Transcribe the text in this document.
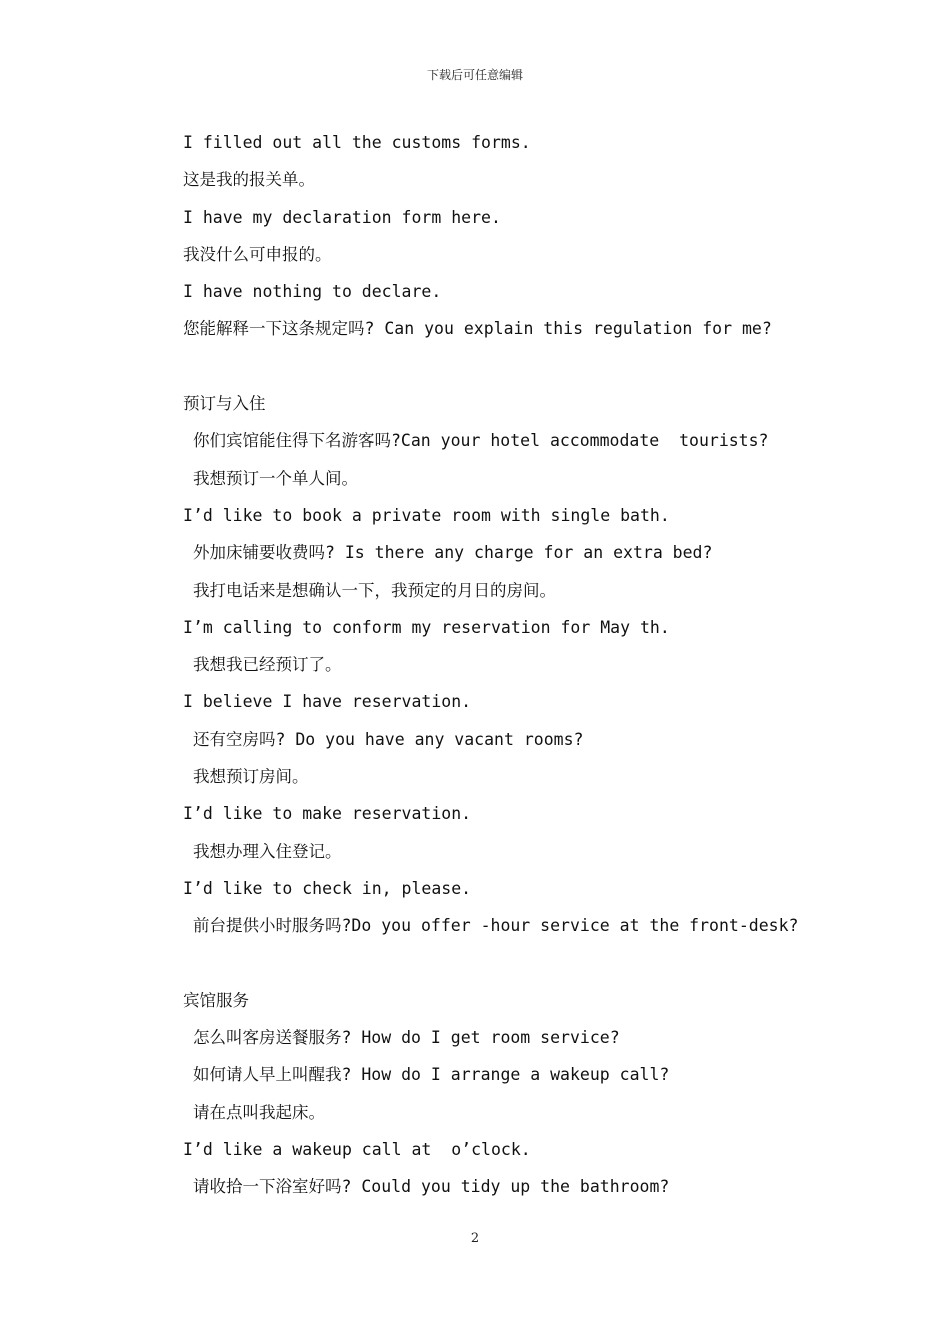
下载后可任意编辑
I filled out all the customs forms.
这是我的报关单。
I have my declaration form here.
我没什么可申报的。
I have nothing to declare.
您能解释一下这条规定吗? Can you explain this regulation for me?
预订与入住
你们宾馆能住得下名游客吗?Can your hotel accommodate  tourists?
我想预订一个单人间。
I’d like to book a private room with single bath.
外加床铺要收费吗? Is there any charge for an extra bed?
我打电话来是想确认一下，我预定的月日的房间。
I’m calling to conform my reservation for May th.
我想我已经预订了。
I believe I have reservation.
还有空房吗? Do you have any vacant rooms?
我想预订房间。
I’d like to make reservation.
我想办理入住登记。
I’d like to check in, please.
前台提供小时服务吗?Do you offer -hour service at the front-desk?
宾馆服务
怎么叫客房送餐服务? How do I get room service?
如何请人早上叫醒我? How do I arrange a wakeup call?
请在点叫我起床。
I’d like a wakeup call at  o’clock.
请收拾一下浴室好吗? Could you tidy up the bathroom?
2
